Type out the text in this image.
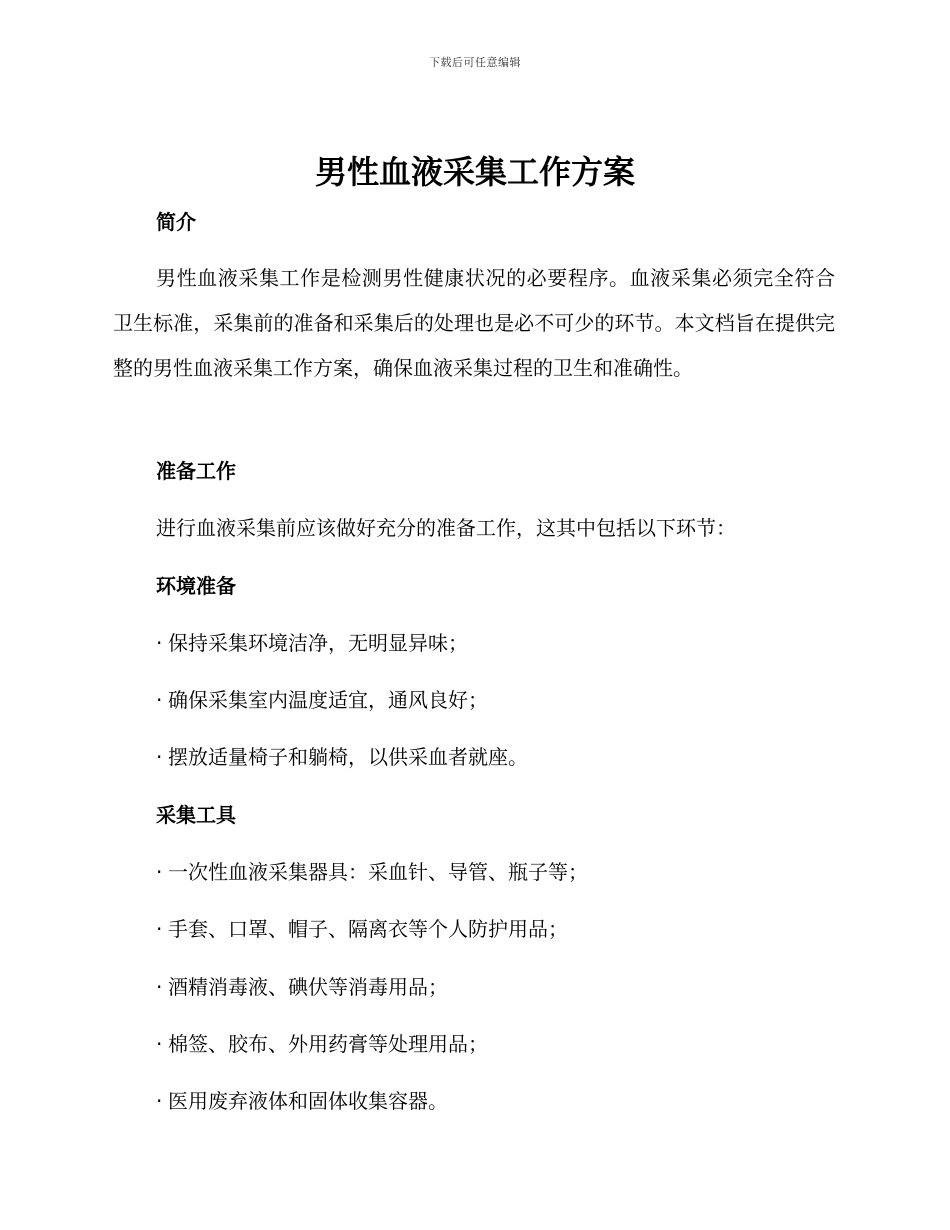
下载后可任意编辑
男性血液采集工作方案
简介

男性血液采集工作是检测男性健康状况的必要程序。血液采集必须完全符合卫生标准，采集前的准备和采集后的处理也是必不可少的环节。本文档旨在提供完整的男性血液采集工作方案，确保血液采集过程的卫生和准确性。

准备工作

进行血液采集前应该做好充分的准备工作，这其中包括以下环节：

环境准备

· 保持采集环境洁净，无明显异味；

· 确保采集室内温度适宜，通风良好；

· 摆放适量椅子和躺椅，以供采血者就座。

采集工具

· 一次性血液采集器具：采血针、导管、瓶子等；

· 手套、口罩、帽子、隔离衣等个人防护用品；

· 酒精消毒液、碘伏等消毒用品；

· 棉签、胶布、外用药膏等处理用品；

· 医用废弃液体和固体收集容器。
